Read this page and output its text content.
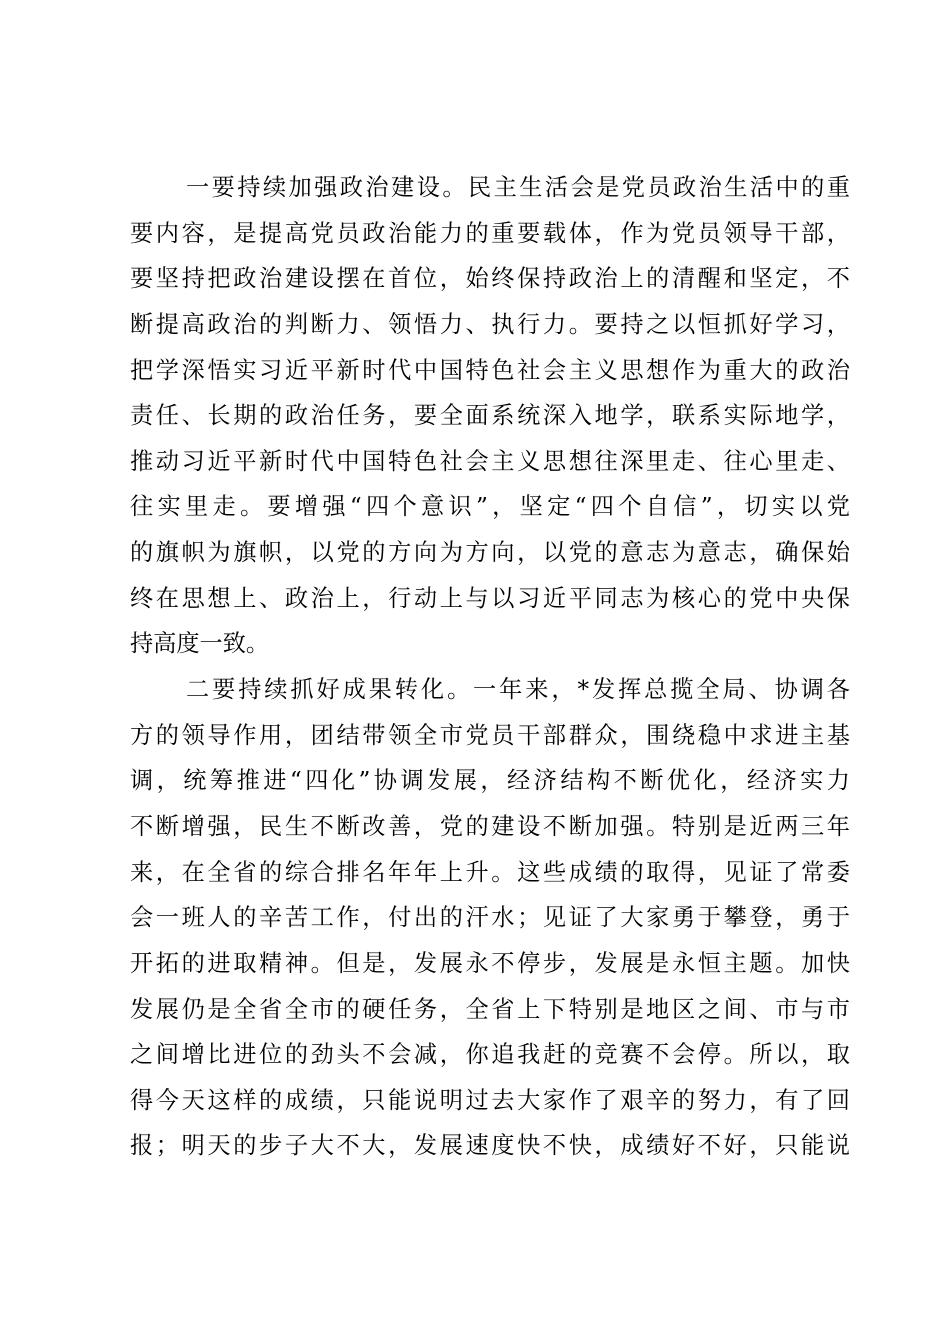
一要持续加强政治建设。民主生活会是党员政治生活中的重
要内容，是提高党员政治能力的重要载体，作为党员领导干部，
要坚持把政治建设摆在首位，始终保持政治上的清醒和坚定，不
断提高政治的判断力、领悟力、执行力。要持之以恒抓好学习，
把学深悟实习近平新时代中国特色社会主义思想作为重大的政治
责任、长期的政治任务，要全面系统深入地学，联系实际地学，
推动习近平新时代中国特色社会主义思想往深里走、往心里走、
往实里走。要增强“四个意识”，坚定“四个自信”，切实以党
的旗帜为旗帜，以党的方向为方向，以党的意志为意志，确保始
终在思想上、政治上，行动上与以习近平同志为核心的党中央保
持高度一致。
二要持续抓好成果转化。一年来，*发挥总揽全局、协调各
方的领导作用，团结带领全市党员干部群众，围绕稳中求进主基
调，统筹推进“四化”协调发展，经济结构不断优化，经济实力
不断增强，民生不断改善，党的建设不断加强。特别是近两三年
来，在全省的综合排名年年上升。这些成绩的取得，见证了常委
会一班人的辛苦工作，付出的汗水；见证了大家勇于攀登，勇于
开拓的进取精神。但是，发展永不停步，发展是永恒主题。加快
发展仍是全省全市的硬任务，全省上下特别是地区之间、市与市
之间增比进位的劲头不会减，你追我赶的竞赛不会停。所以，取
得今天这样的成绩，只能说明过去大家作了艰辛的努力，有了回
报；明天的步子大不大，发展速度快不快，成绩好不好，只能说
